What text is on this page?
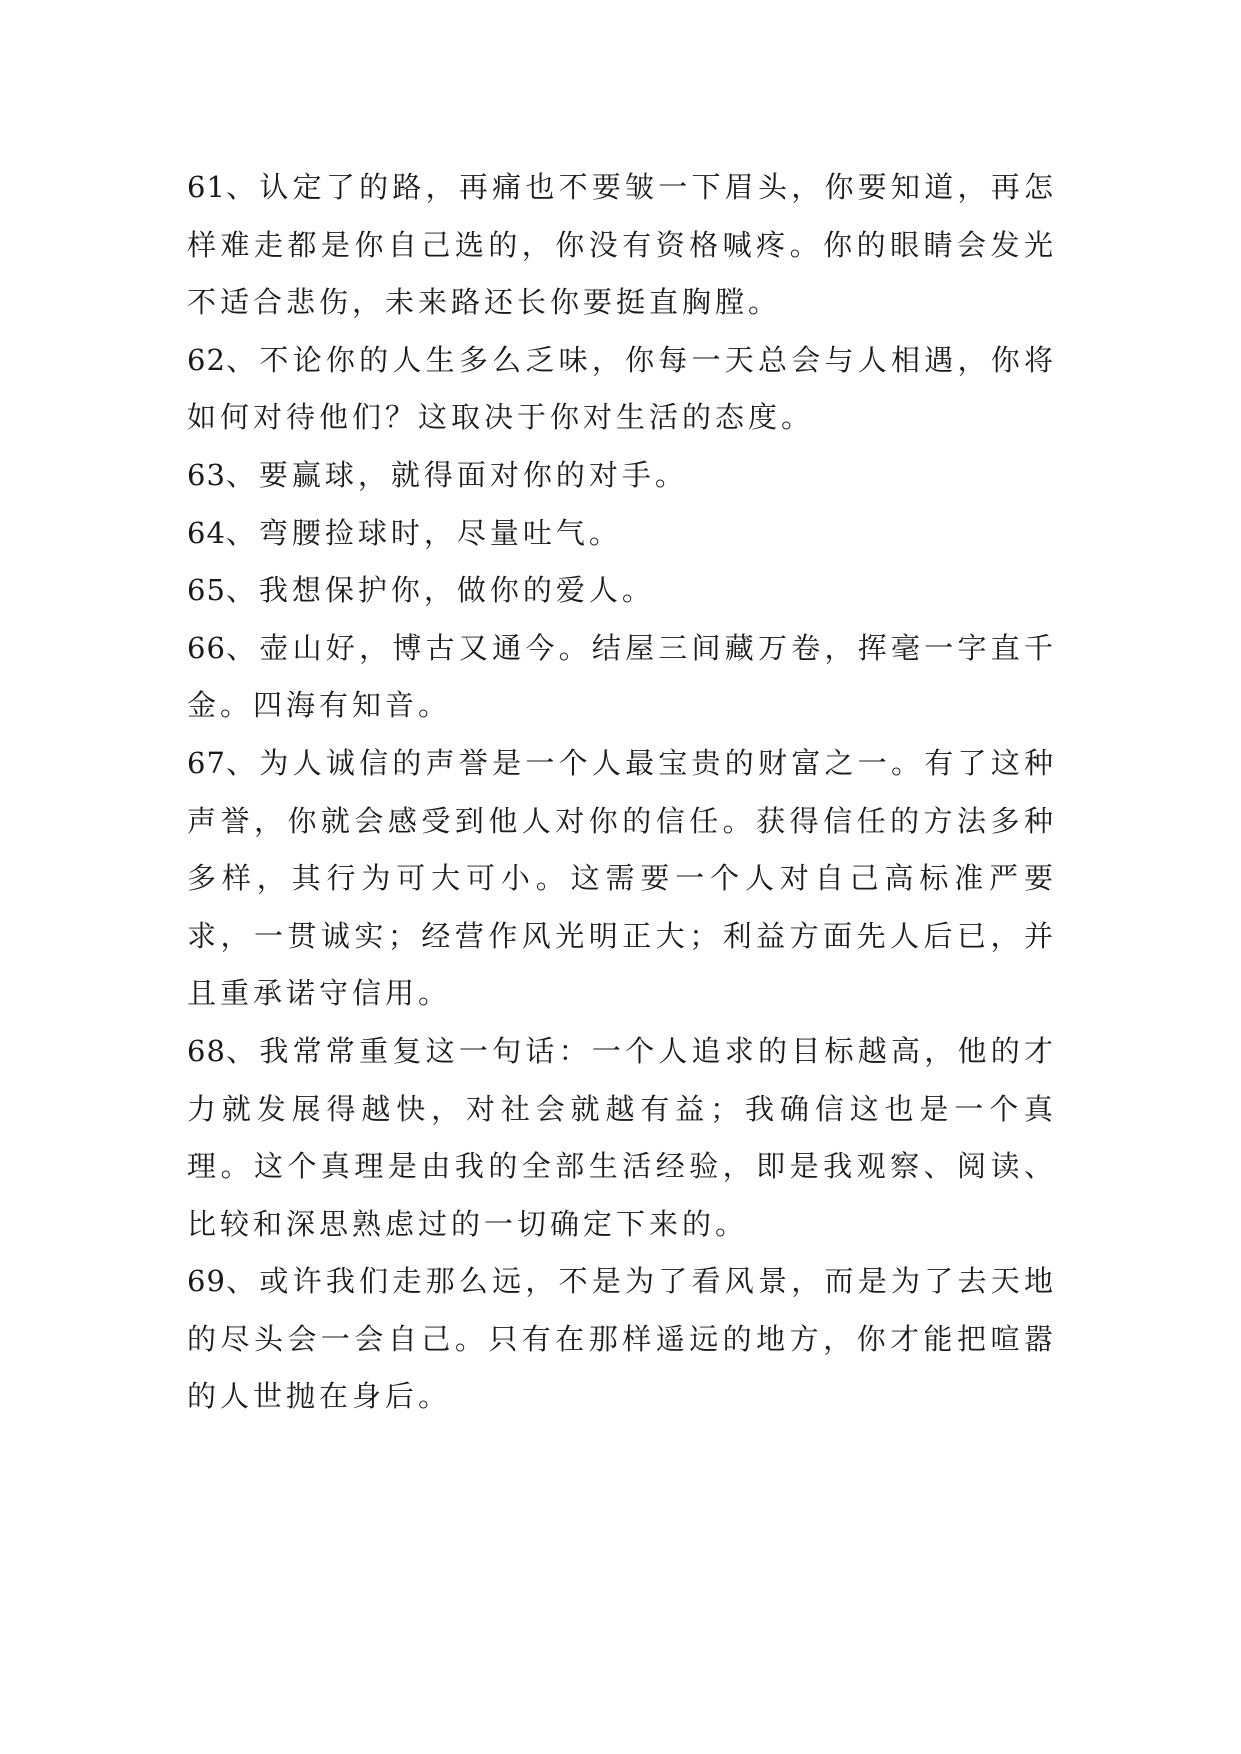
61、认定了的路，再痛也不要皱一下眉头，你要知道，再怎样难走都是你自己选的，你没有资格喊疼。你的眼睛会发光不适合悲伤，未来路还长你要挺直胸膛。

62、不论你的人生多么乏味，你每一天总会与人相遇，你将如何对待他们？这取决于你对生活的态度。

63、要赢球，就得面对你的对手。

64、弯腰捡球时，尽量吐气。

65、我想保护你，做你的爱人。

66、壶山好，博古又通今。结屋三间藏万卷，挥毫一字直千金。四海有知音。

67、为人诚信的声誉是一个人最宝贵的财富之一。有了这种声誉，你就会感受到他人对你的信任。获得信任的方法多种多样，其行为可大可小。这需要一个人对自己高标准严要求，一贯诚实；经营作风光明正大；利益方面先人后已，并且重承诺守信用。

68、我常常重复这一句话：一个人追求的目标越高，他的才力就发展得越快，对社会就越有益；我确信这也是一个真理。这个真理是由我的全部生活经验，即是我观察、阅读、比较和深思熟虑过的一切确定下来的。

69、或许我们走那么远，不是为了看风景，而是为了去天地的尽头会一会自己。只有在那样遥远的地方，你才能把喧嚣的人世抛在身后。
